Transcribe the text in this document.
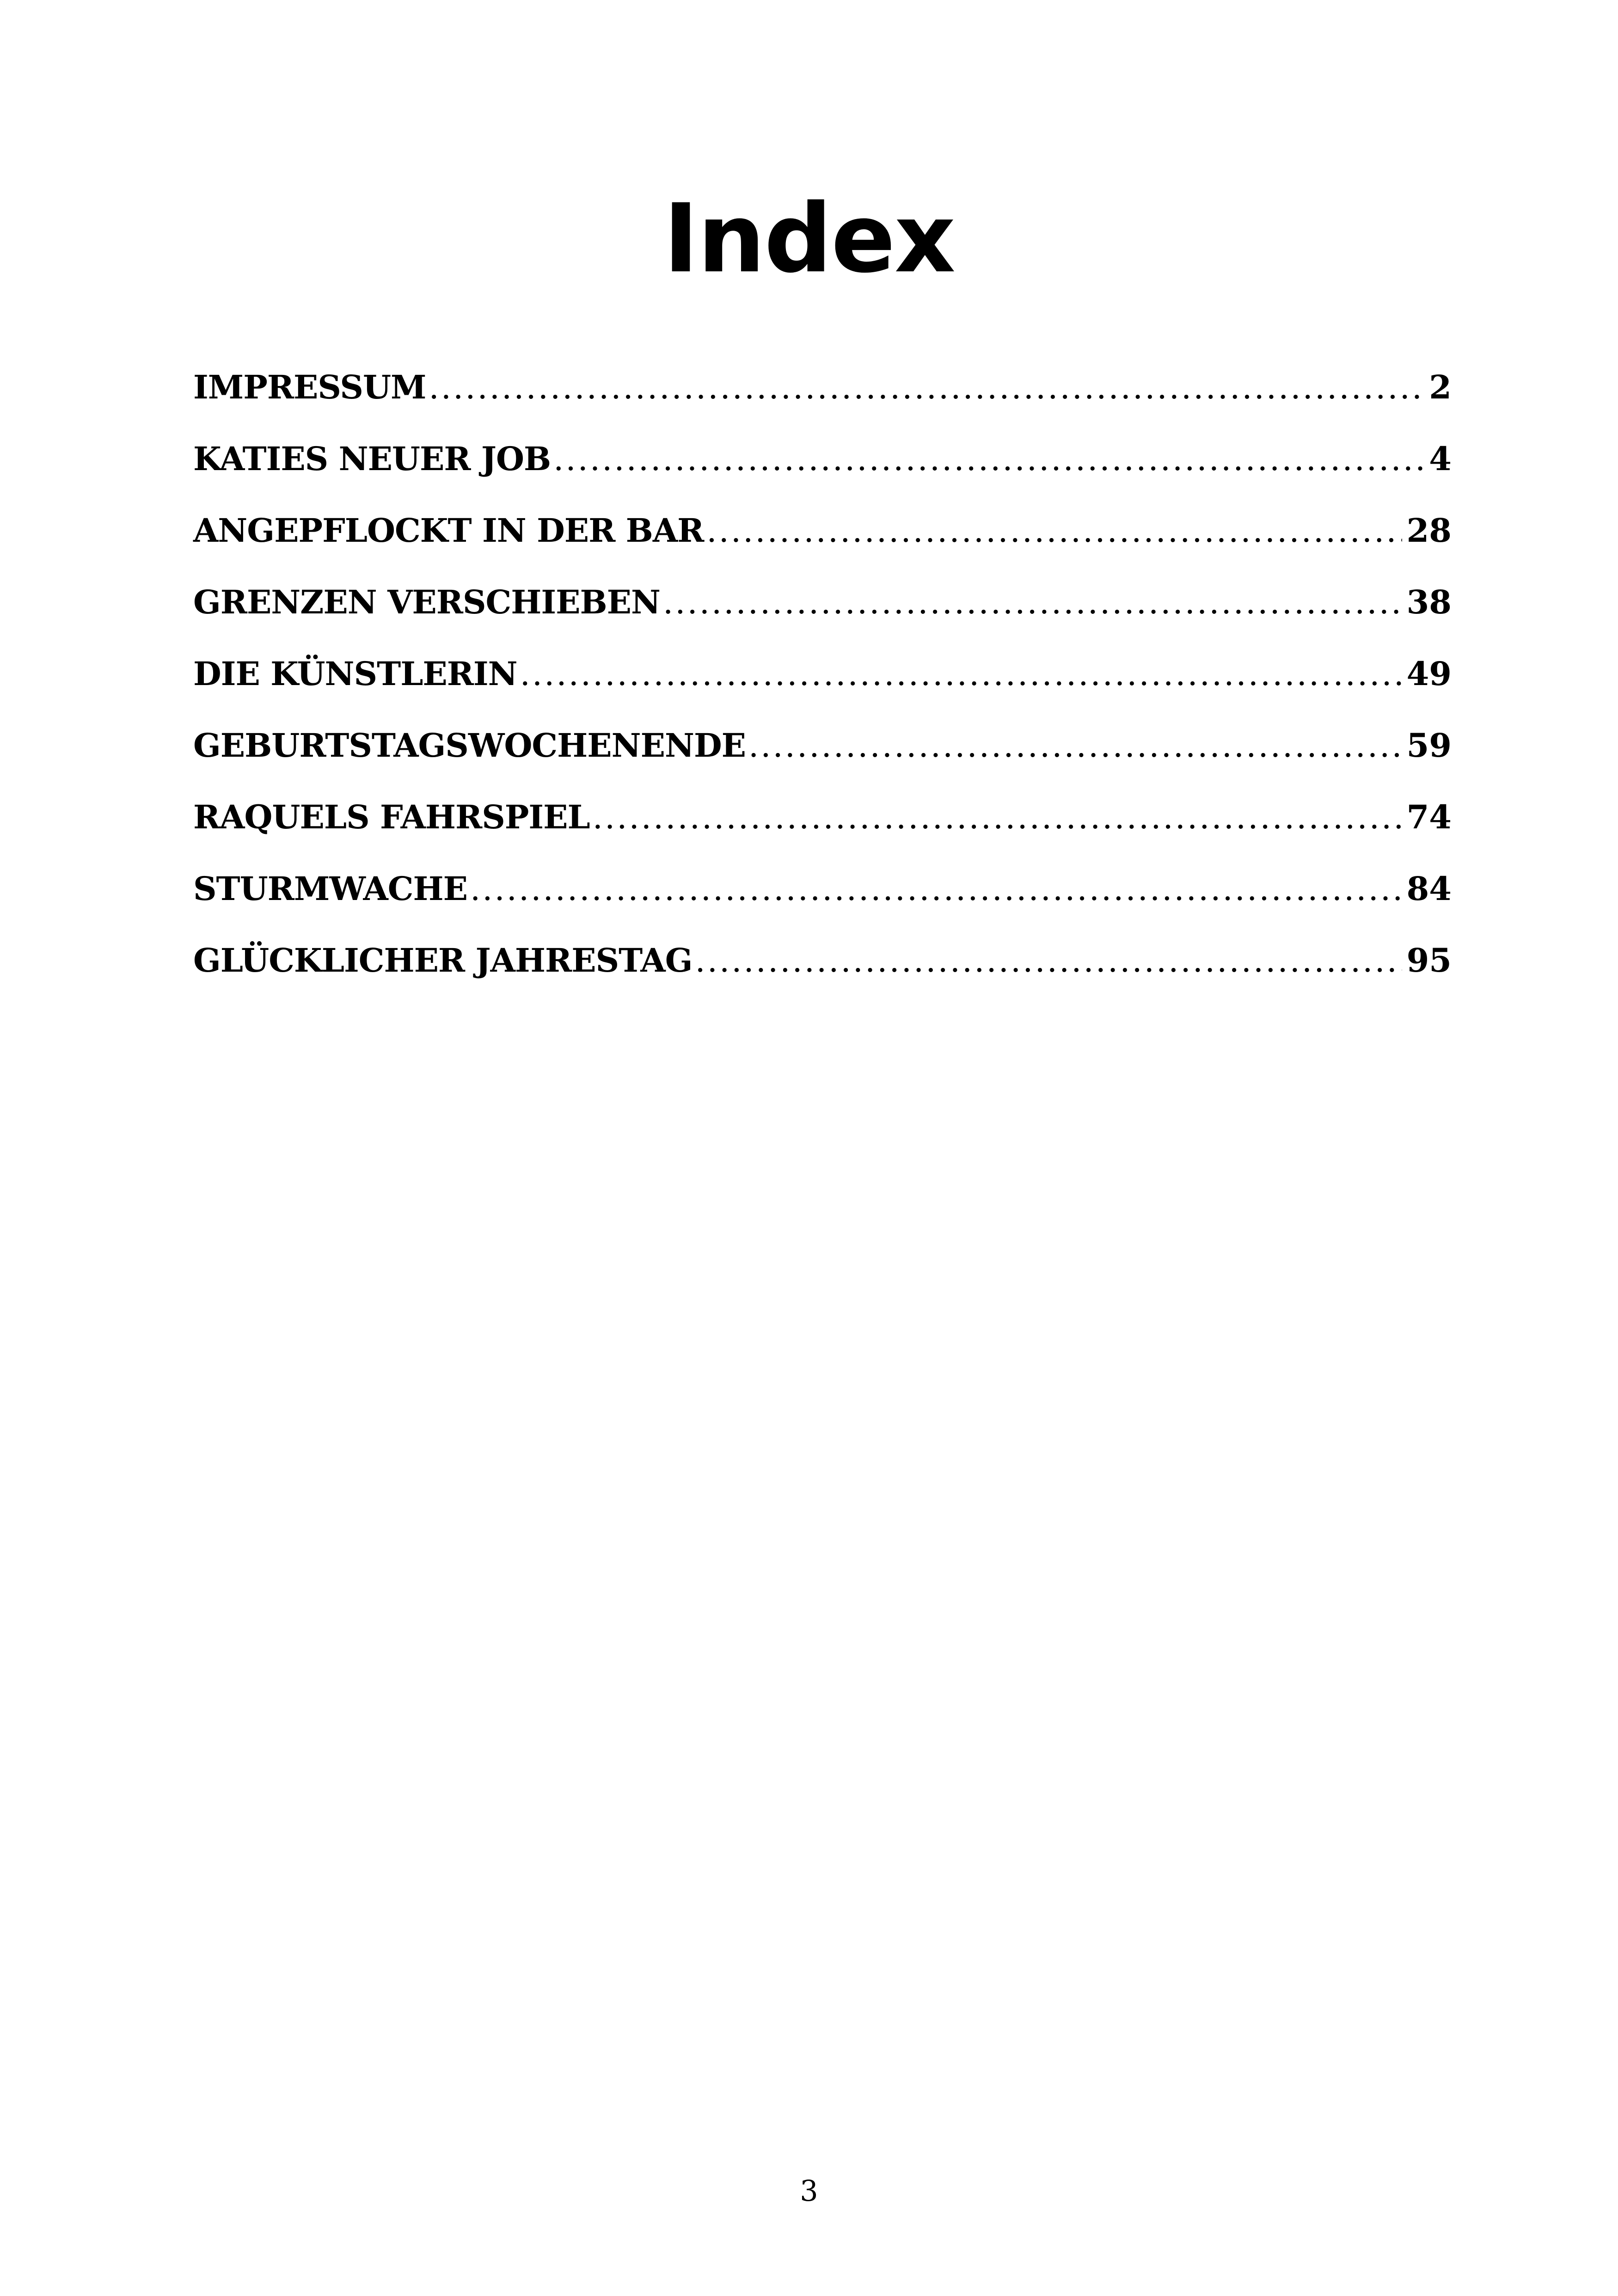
Index
IMPRESSUM .....	2
KATIES NEUER JOB .....	4
ANGEPFLOCKT IN DER BAR .....	28
GRENZEN VERSCHIEBEN .....	38
DIE KÜNSTLERIN .....	49
GEBURTSTAGSWOCHENENDE .....	59
RAQUELS FAHRSPIEL .....	74
STURMWACHE .....	84
GLÜCKLICHER JAHRESTAG .....	95
3
